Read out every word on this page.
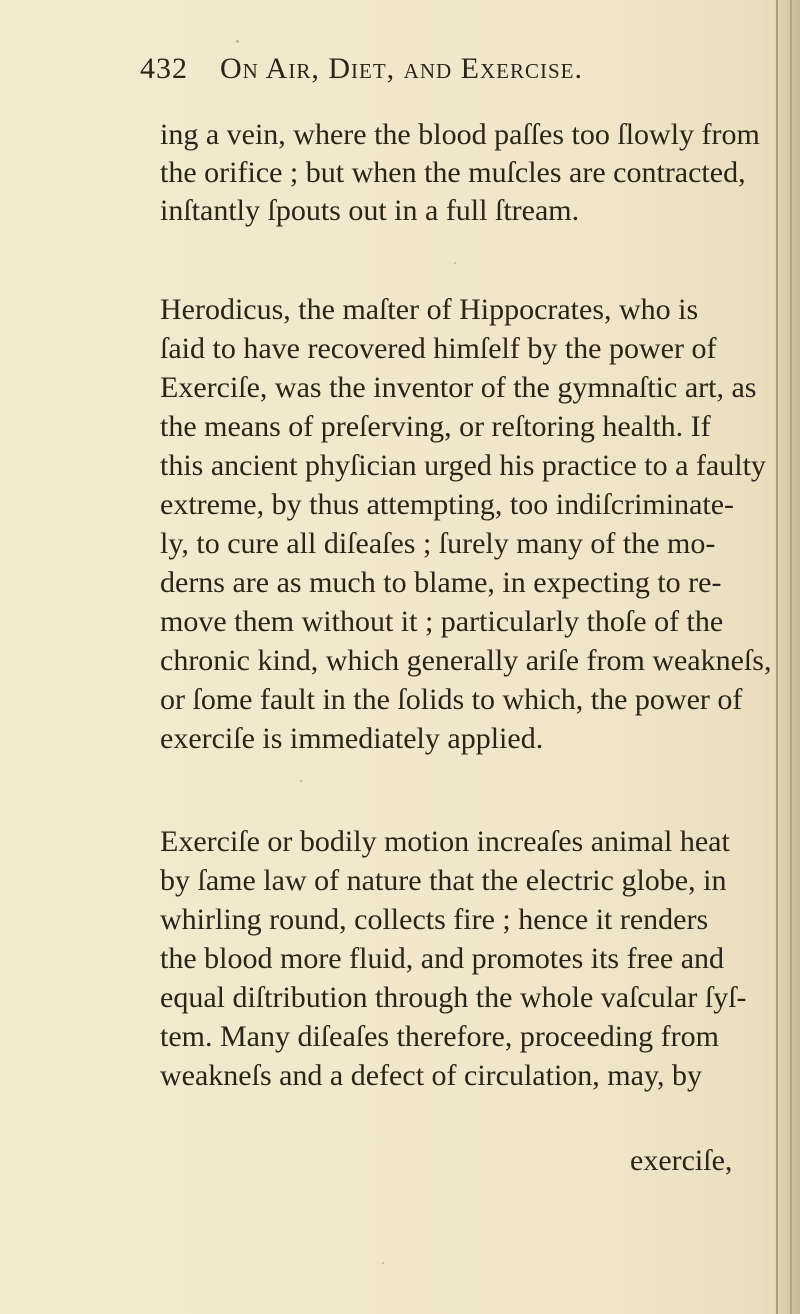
432 On Air, Diet, and Exercise.
ing a vein, where the blood paſſes too ſlowly from
the orifice ; but when the muſcles are contracted,
inſtantly ſpouts out in a full ſtream.
Herodicus, the maſter of Hippocrates, who is
ſaid to have recovered himſelf by the power of
Exerciſe, was the inventor of the gymnaſtic art, as
the means of preſerving, or reſtoring health. If
this ancient phyſician urged his practice to a faulty
extreme, by thus attempting, too indiſcriminate-
ly, to cure all diſeaſes ; ſurely many of the mo-
derns are as much to blame, in expecting to re-
move them without it ; particularly thoſe of the
chronic kind, which generally ariſe from weakneſs,
or ſome fault in the ſolids to which, the power of
exerciſe is immediately applied.
Exerciſe or bodily motion increaſes animal heat
by ſame law of nature that the electric globe, in
whirling round, collects fire ; hence it renders
the blood more fluid, and promotes its free and
equal diſtribution through the whole vaſcular ſyſ-
tem. Many diſeaſes therefore, proceeding from
weakneſs and a defect of circulation, may, by
exerciſe,
